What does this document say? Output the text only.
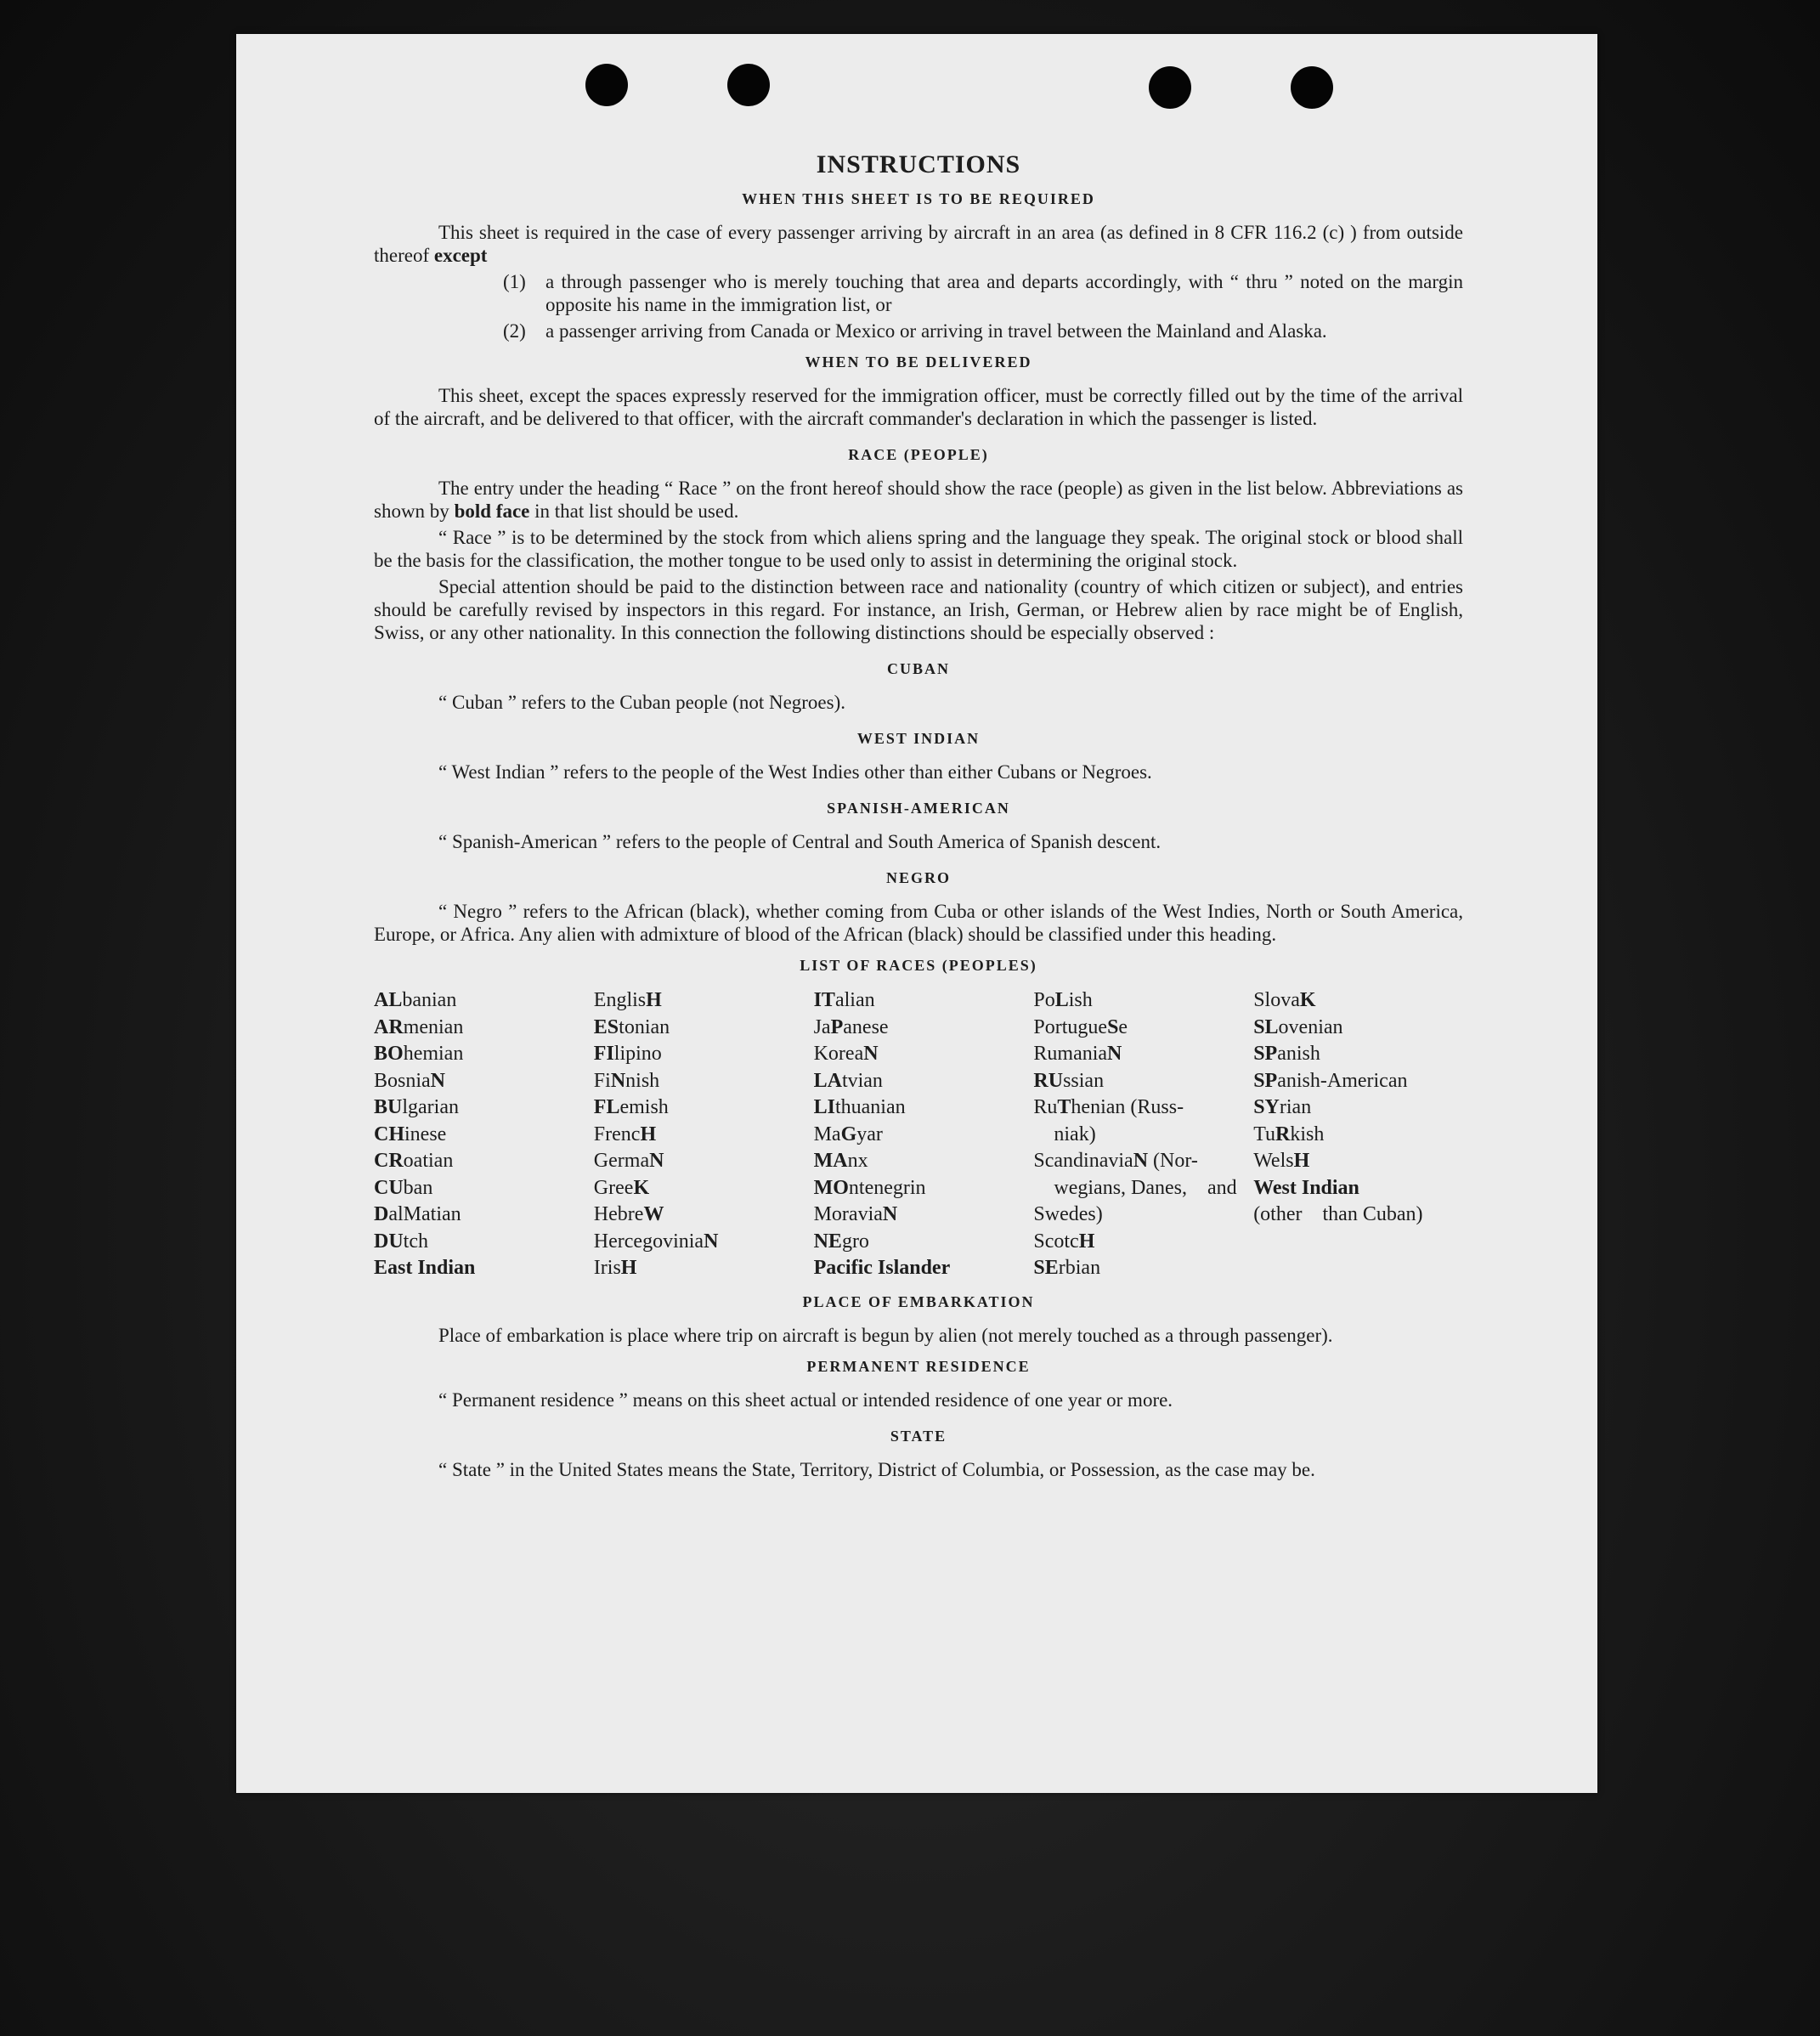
INSTRUCTIONS
WHEN THIS SHEET IS TO BE REQUIRED

This sheet is required in the case of every passenger arriving by aircraft in an area (as defined in 8 CFR 116.2 (c) ) from outside thereof except

(1)	a through passenger who is merely touching that area and departs accordingly, with “ thru ” noted on the margin opposite his name in the immigration list, or
(2)	a passenger arriving from Canada or Mexico or arriving in travel between the Mainland and Alaska.
WHEN TO BE DELIVERED

This sheet, except the spaces expressly reserved for the immigration officer, must be correctly filled out by the time of the arrival of the aircraft, and be delivered to that officer, with the aircraft commander's declaration in which the passenger is listed.

RACE (PEOPLE)

The entry under the heading “ Race ” on the front hereof should show the race (people) as given in the list below. Abbreviations as shown by bold face in that list should be used.

“ Race ” is to be determined by the stock from which aliens spring and the language they speak. The original stock or blood shall be the basis for the classification, the mother tongue to be used only to assist in determining the original stock.

Special attention should be paid to the distinction between race and nationality (country of which citizen or subject), and entries should be carefully revised by inspectors in this regard. For instance, an Irish, German, or Hebrew alien by race might be of English, Swiss, or any other nationality. In this connection the following distinctions should be especially observed :

CUBAN

“ Cuban ” refers to the Cuban people (not Negroes).

WEST INDIAN

“ West Indian ” refers to the people of the West Indies other than either Cubans or Negroes.

SPANISH-AMERICAN

“ Spanish-American ” refers to the people of Central and South America of Spanish descent.

NEGRO

“ Negro ” refers to the African (black), whether coming from Cuba or other islands of the West Indies, North or South America, Europe, or Africa. Any alien with admixture of blood of the African (black) should be classified under this heading.

LIST OF RACES (PEOPLES)
ALbanian
ARmenian
BOhemian
BosniaN
BUlgarian
CHinese
CRoatian
CUban
DalMatian
DUtch
East Indian
EnglisH
EStonian
FIlipino
FiNnish
FLemish
FrencH
GermaN
GreeK
HebreW
HercegoviniaN
IrisH
ITalian
JaPanese
KoreaN
LAtvian
LIthuanian
MaGyar
MAnx
MOntenegrin
MoraviaN
NEgro
Pacific Islander
PoLish
PortugueSe
RumaniaN
RUssian
RuThenian (Russ-    niak)
ScandinaviaN (Nor-    wegians, Danes,    and Swedes)
ScotcH
SErbian
SlovaK
SLovenian
SPanish
SPanish-American
SYrian
TuRkish
WelsH
West Indian (other    than Cuban)
PLACE OF EMBARKATION

Place of embarkation is place where trip on aircraft is begun by alien (not merely touched as a through passenger).

PERMANENT RESIDENCE

“ Permanent residence ” means on this sheet actual or intended residence of one year or more.

STATE

“ State ” in the United States means the State, Territory, District of Columbia, or Possession, as the case may be.
